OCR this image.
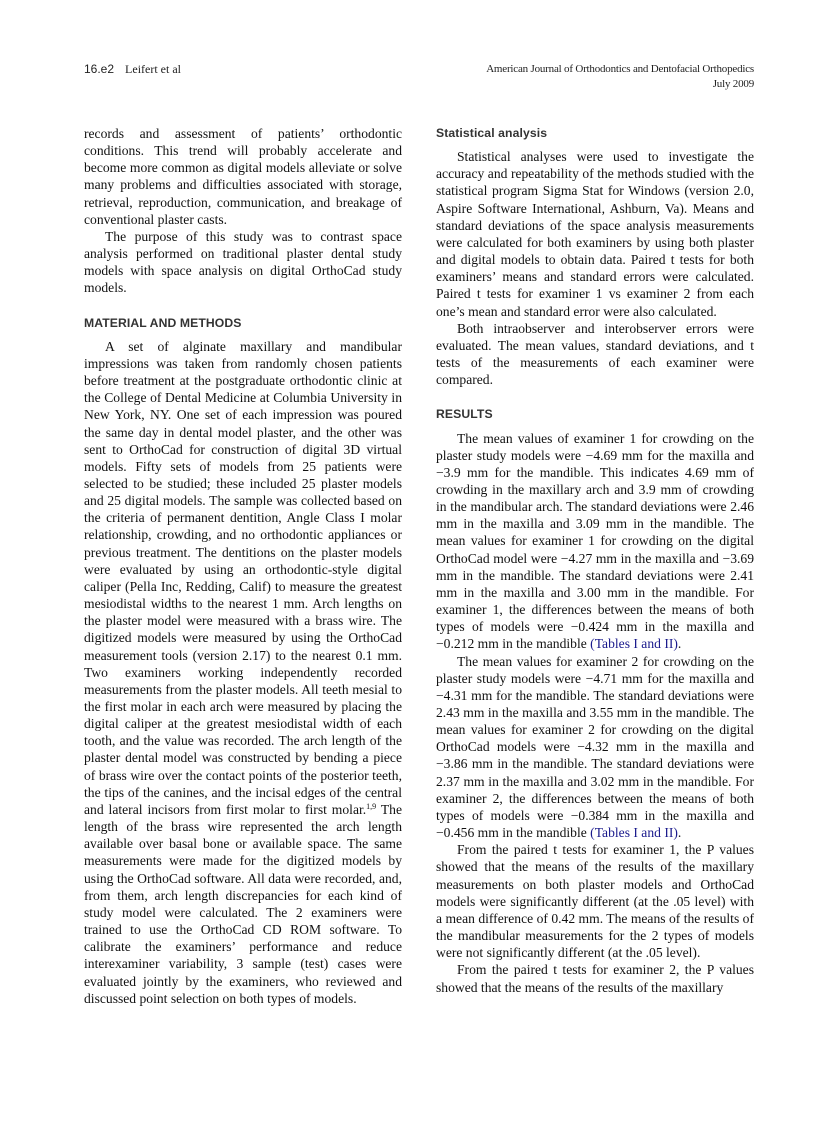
16.e2 Leifert et al	American Journal of Orthodontics and Dentofacial Orthopedics
July 2009

records and assessment of patients’ orthodontic conditions. This trend will probably accelerate and become more common as digital models alleviate or solve many problems and difficulties associated with storage, retrieval, reproduction, communication, and breakage of conventional plaster casts.

The purpose of this study was to contrast space analysis performed on traditional plaster dental study models with space analysis on digital OrthoCad study models.

MATERIAL AND METHODS

A set of alginate maxillary and mandibular impressions was taken from randomly chosen patients before treatment at the postgraduate orthodontic clinic at the College of Dental Medicine at Columbia University in New York, NY. One set of each impression was poured the same day in dental model plaster, and the other was sent to OrthoCad for construction of digital 3D virtual models. Fifty sets of models from 25 patients were selected to be studied; these included 25 plaster models and 25 digital models. The sample was collected based on the criteria of permanent dentition, Angle Class I molar relationship, crowding, and no orthodontic appliances or previous treatment. The dentitions on the plaster models were evaluated by using an orthodontic-style digital caliper (Pella Inc, Redding, Calif) to measure the greatest mesiodistal widths to the nearest 1 mm. Arch lengths on the plaster model were measured with a brass wire. The digitized models were measured by using the OrthoCad measurement tools (version 2.17) to the nearest 0.1 mm. Two examiners working independently recorded measurements from the plaster models. All teeth mesial to the first molar in each arch were measured by placing the digital caliper at the greatest mesiodistal width of each tooth, and the value was recorded. The arch length of the plaster dental model was constructed by bending a piece of brass wire over the contact points of the posterior teeth, the tips of the canines, and the incisal edges of the central and lateral incisors from first molar to first molar.$^{1,9}$ The length of the brass wire represented the arch length available over basal bone or available space. The same measurements were made for the digitized models by using the OrthoCad software. All data were recorded, and, from them, arch length discrepancies for each kind of study model were calculated. The 2 examiners were trained to use the OrthoCad CD ROM software. To calibrate the examiners’ performance and reduce interexaminer variability, 3 sample (test) cases were evaluated jointly by the examiners, who reviewed and discussed point selection on both types of models.

Statistical analysis

Statistical analyses were used to investigate the accuracy and repeatability of the methods studied with the statistical program Sigma Stat for Windows (version 2.0, Aspire Software International, Ashburn, Va). Means and standard deviations of the space analysis measurements were calculated for both examiners by using both plaster and digital models to obtain data. Paired t tests for both examiners’ means and standard errors were calculated. Paired t tests for examiner 1 vs examiner 2 from each one’s mean and standard error were also calculated.

Both intraobserver and interobserver errors were evaluated. The mean values, standard deviations, and t tests of the measurements of each examiner were compared.

RESULTS

The mean values of examiner 1 for crowding on the plaster study models were −4.69 mm for the maxilla and −3.9 mm for the mandible. This indicates 4.69 mm of crowding in the maxillary arch and 3.9 mm of crowding in the mandibular arch. The standard deviations were 2.46 mm in the maxilla and 3.09 mm in the mandible. The mean values for examiner 1 for crowding on the digital OrthoCad model were −4.27 mm in the maxilla and −3.69 mm in the mandible. The standard deviations were 2.41 mm in the maxilla and 3.00 mm in the mandible. For examiner 1, the differences between the means of both types of models were −0.424 mm in the maxilla and −0.212 mm in the mandible (Tables I and II).

The mean values for examiner 2 for crowding on the plaster study models were −4.71 mm for the maxilla and −4.31 mm for the mandible. The standard deviations were 2.43 mm in the maxilla and 3.55 mm in the mandible. The mean values for examiner 2 for crowding on the digital OrthoCad models were −4.32 mm in the maxilla and −3.86 mm in the mandible. The standard deviations were 2.37 mm in the maxilla and 3.02 mm in the mandible. For examiner 2, the differences between the means of both types of models were −0.384 mm in the maxilla and −0.456 mm in the mandible (Tables I and II).

From the paired t tests for examiner 1, the P values showed that the means of the results of the maxillary measurements on both plaster models and OrthoCad models were significantly different (at the .05 level) with a mean difference of 0.42 mm. The means of the results of the mandibular measurements for the 2 types of models were not significantly different (at the .05 level).

From the paired t tests for examiner 2, the P values showed that the means of the results of the maxillary
